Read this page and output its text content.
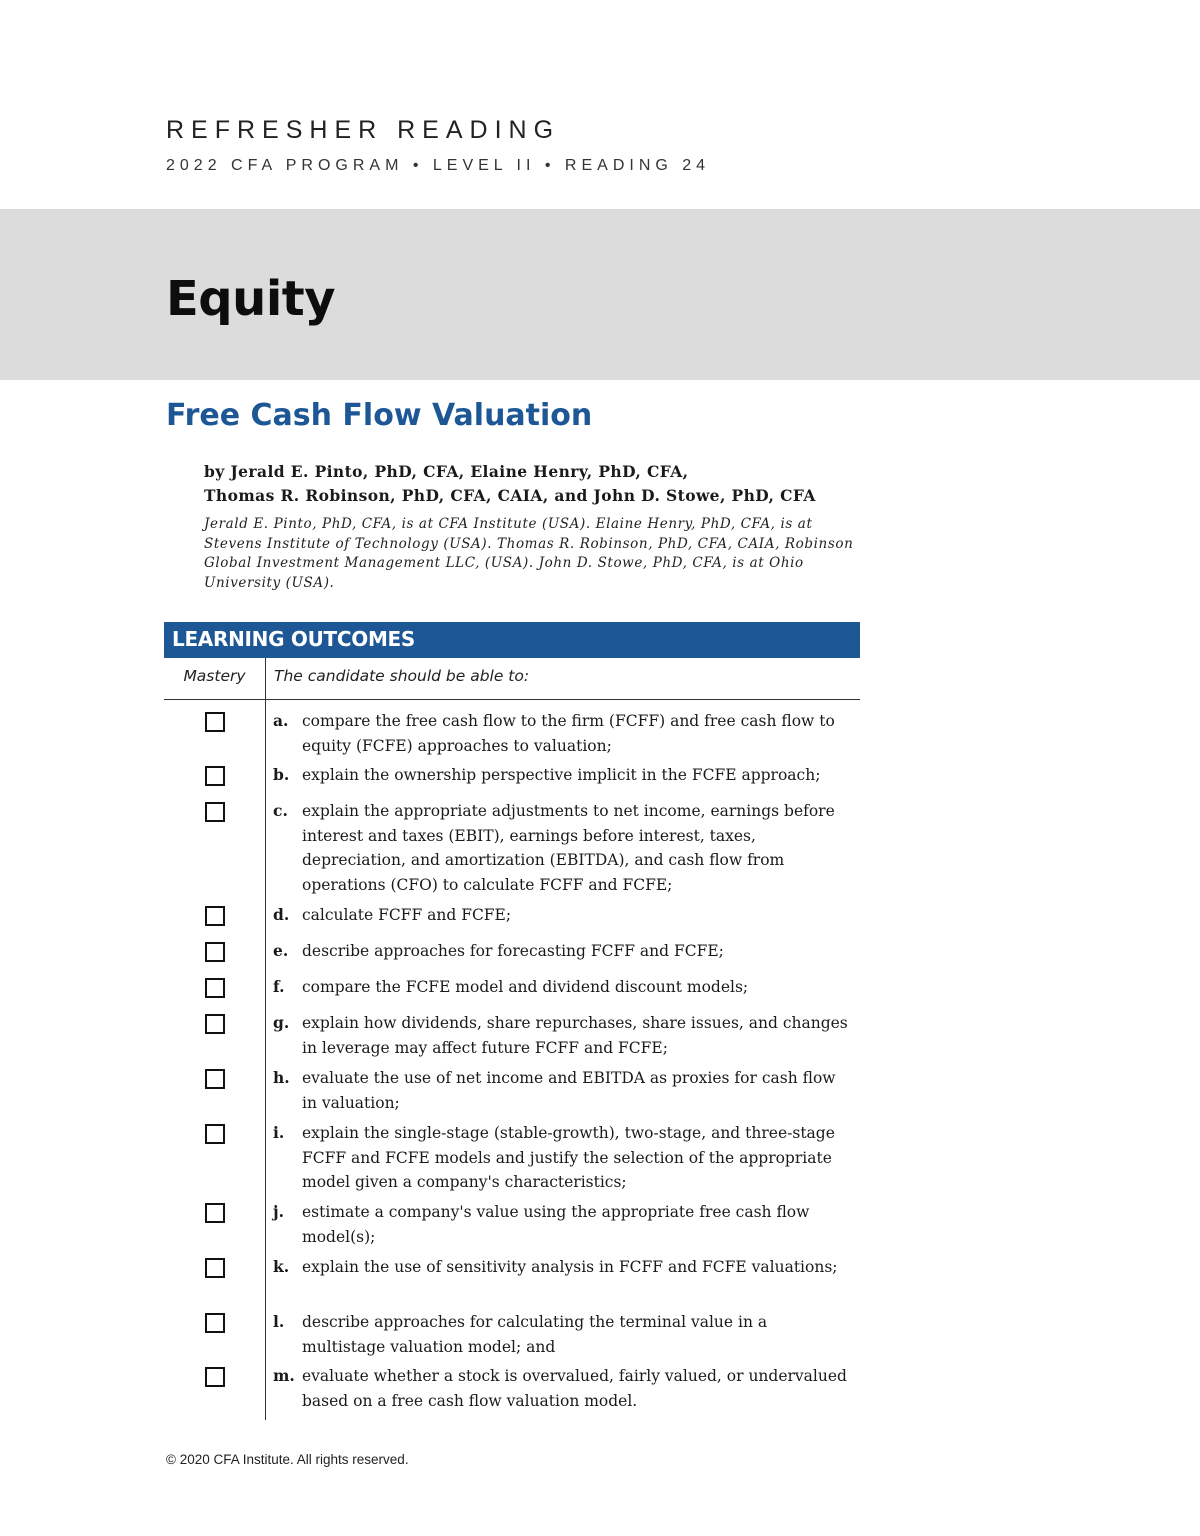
REFRESHER READING
2022 CFA PROGRAM • LEVEL II • READING 24
Equity
Free Cash Flow Valuation
by Jerald E. Pinto, PhD, CFA, Elaine Henry, PhD, CFA,
Thomas R. Robinson, PhD, CFA, CAIA, and John D. Stowe, PhD, CFA
Jerald E. Pinto, PhD, CFA, is at CFA Institute (USA). Elaine Henry, PhD, CFA, is at Stevens Institute of Technology (USA). Thomas R. Robinson, PhD, CFA, CAIA, Robinson Global Investment Management LLC, (USA). John D. Stowe, PhD, CFA, is at Ohio University (USA).
LEARNING OUTCOMES
Mastery	The candidate should be able to:
a. compare the free cash flow to the firm (FCFF) and free cash flow to equity (FCFE) approaches to valuation;
b. explain the ownership perspective implicit in the FCFE approach;
c. explain the appropriate adjustments to net income, earnings before interest and taxes (EBIT), earnings before interest, taxes, depreciation, and amortization (EBITDA), and cash flow from operations (CFO) to calculate FCFF and FCFE;
d. calculate FCFF and FCFE;
e. describe approaches for forecasting FCFF and FCFE;
f. compare the FCFE model and dividend discount models;
g. explain how dividends, share repurchases, share issues, and changes in leverage may affect future FCFF and FCFE;
h. evaluate the use of net income and EBITDA as proxies for cash flow in valuation;
i. explain the single-stage (stable-growth), two-stage, and three-stage FCFF and FCFE models and justify the selection of the appropriate model given a company's characteristics;
j. estimate a company's value using the appropriate free cash flow model(s);
k. explain the use of sensitivity analysis in FCFF and FCFE valuations;
l. describe approaches for calculating the terminal value in a multistage valuation model; and
m. evaluate whether a stock is overvalued, fairly valued, or undervalued based on a free cash flow valuation model.
© 2020 CFA Institute. All rights reserved.
